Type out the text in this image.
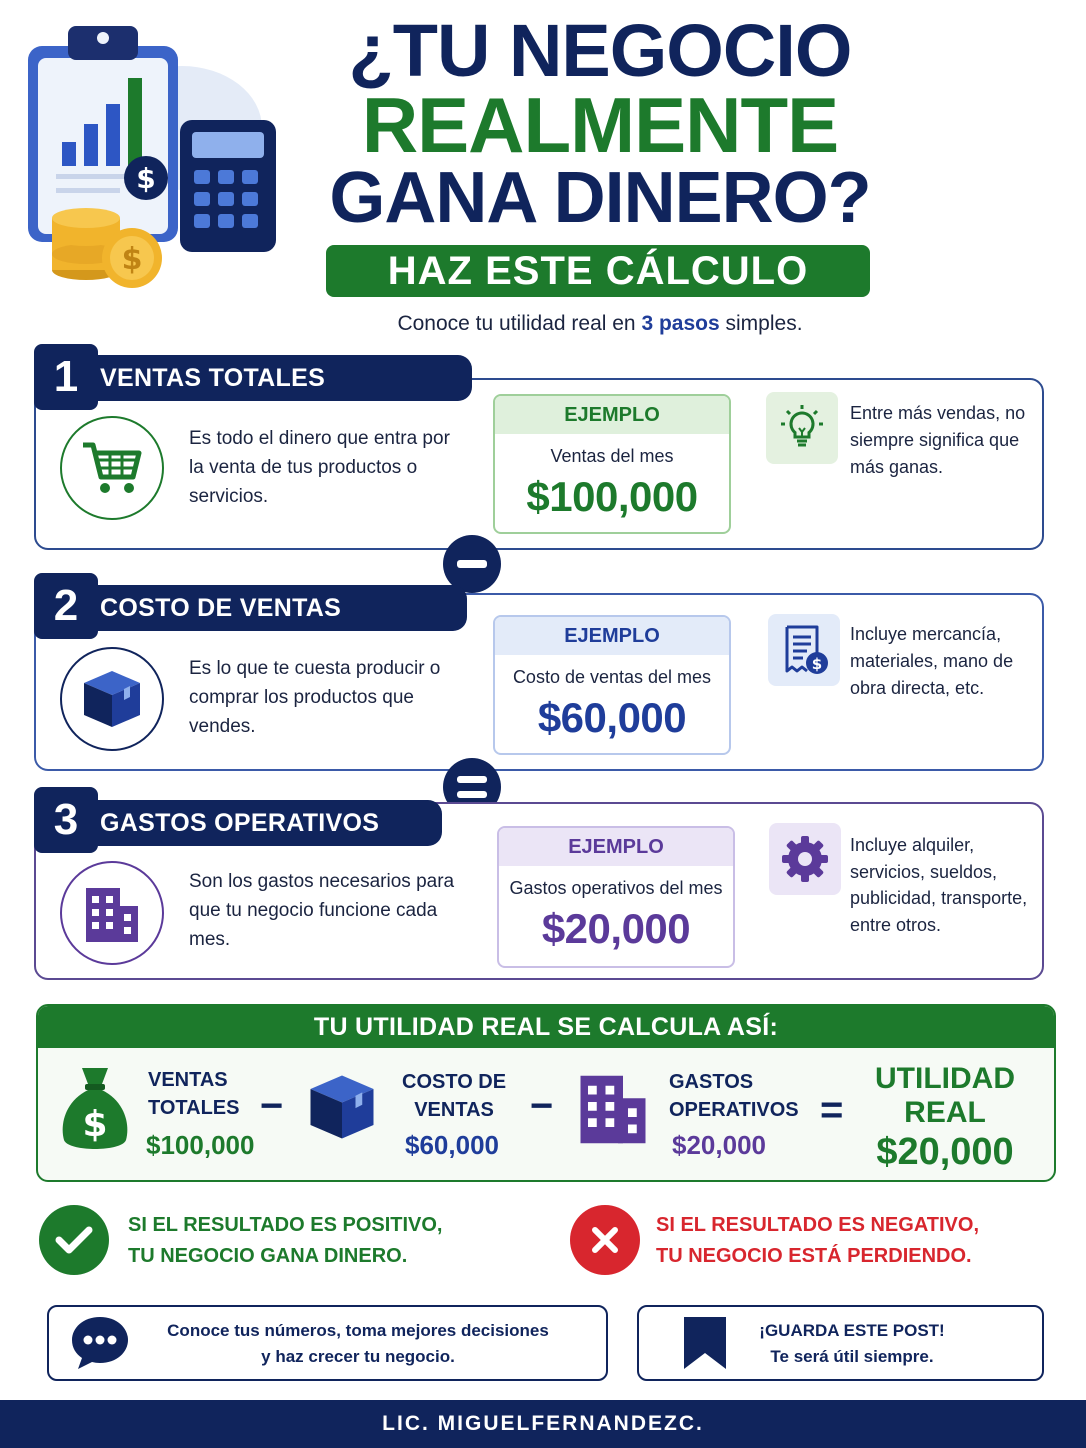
$
$
¿TU NEGOCIO
REALMENTE
GANA DINERO?
HAZ ESTE CÁLCULO
Conoce tu utilidad real en 3 pasos simples.
VENTAS TOTALES
1
Es todo el dinero que entra por la venta de tus productos o servicios.
EJEMPLO
Ventas del mes
$100,000
Entre más vendas, no siempre significa que más ganas.
COSTO DE VENTAS
2
Es lo que te cuesta producir o comprar los productos que vendes.
EJEMPLO
Costo de ventas del mes
$60,000
$
Incluye mercancía, materiales, mano de obra directa, etc.
GASTOS OPERATIVOS
3
Son los gastos necesarios para que tu negocio funcione cada mes.
EJEMPLO
Gastos operativos del mes
$20,000
Incluye alquiler, servicios, sueldos, publicidad, transporte, entre otros.
TU UTILIDAD REAL SE CALCULA ASÍ:
$
VENTAS
TOTALES
$100,000
−
COSTO DE
VENTAS
$60,000
−
GASTOS
OPERATIVOS
$20,000
=
UTILIDAD
REAL
$20,000
SI EL RESULTADO ES POSITIVO,
TU NEGOCIO GANA DINERO.
SI EL RESULTADO ES NEGATIVO,
TU NEGOCIO ESTÁ PERDIENDO.
Conoce tus números, toma mejores decisiones
y haz crecer tu negocio.
¡GUARDA ESTE POST!
Te será útil siempre.
LIC. MIGUELFERNANDEZC.
